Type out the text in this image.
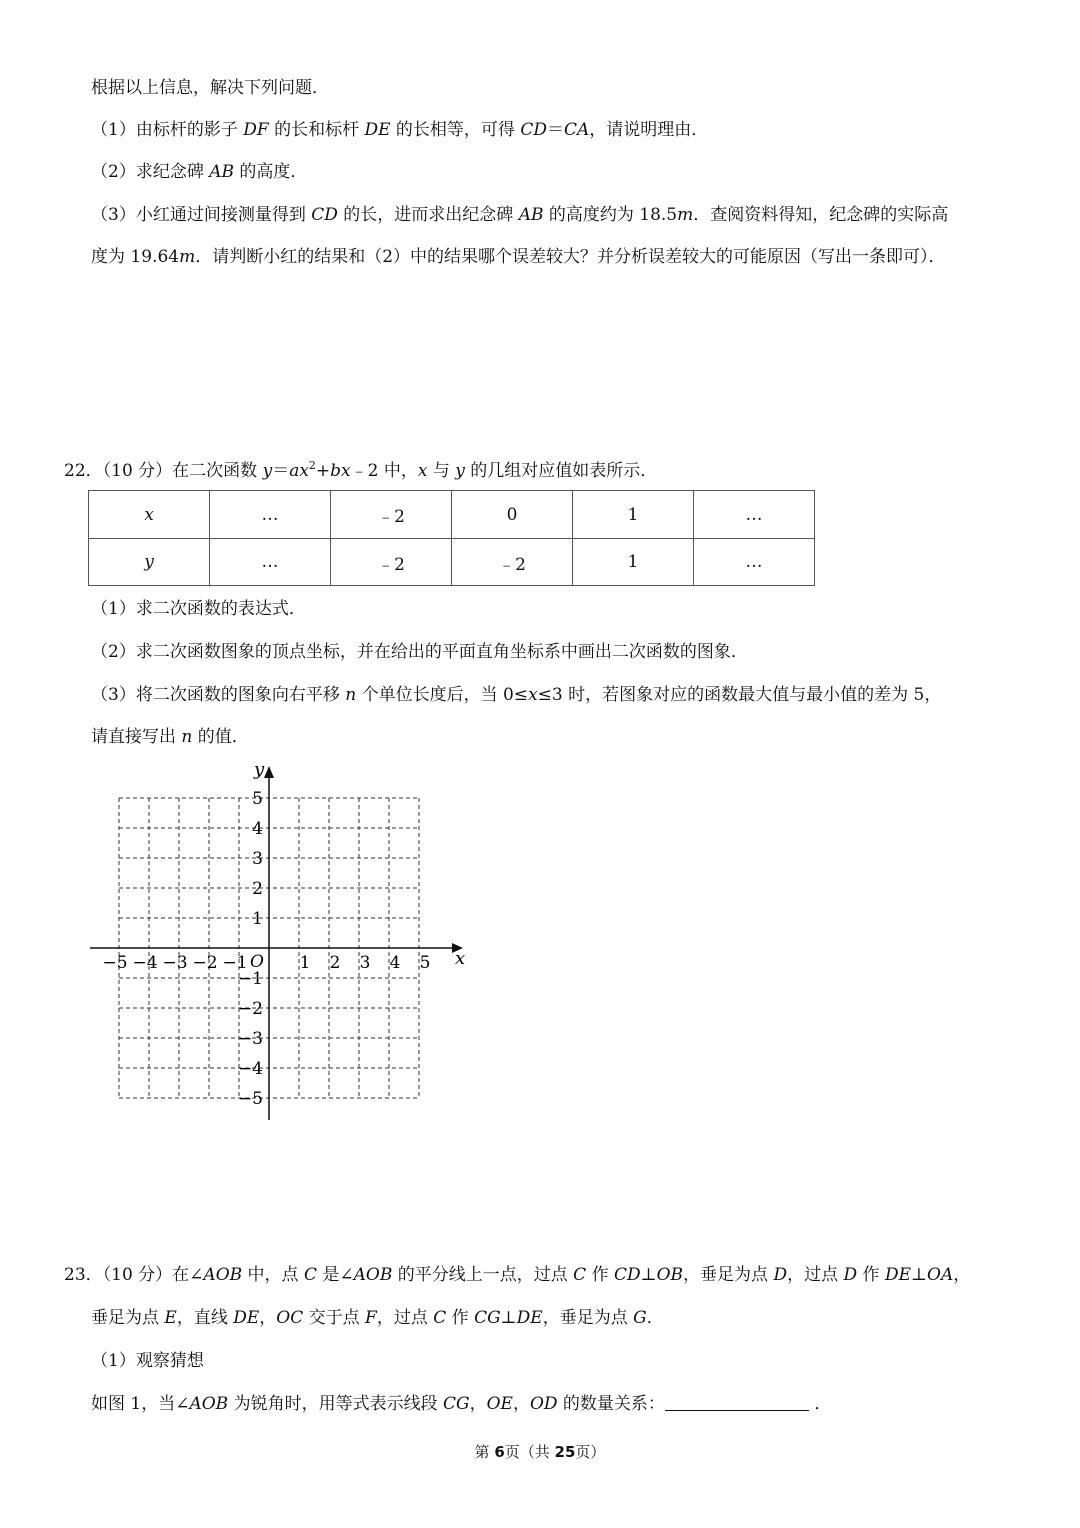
根据以上信息，解决下列问题．
（1）由标杆的影子 DF 的长和标杆 DE 的长相等，可得 CD＝CA，请说明理由．
（2）求纪念碑 AB 的高度．
（3）小红通过间接测量得到 CD 的长，进而求出纪念碑 AB 的高度约为 18.5m．查阅资料得知，纪念碑的实际高
度为 19.64m．请判断小红的结果和（2）中的结果哪个误差较大？并分析误差较大的可能原因（写出一条即可）．
22．（10 分）在二次函数 $y=ax^2+bx﹣2$ 中，x 与 y 的几组对应值如表所示．
x	…	﹣2	0	1	…
y	…	﹣2	﹣2	1	…
（1）求二次函数的表达式．
（2）求二次函数图象的顶点坐标，并在给出的平面直角坐标系中画出二次函数的图象．
（3）将二次函数的图象向右平移 n 个单位长度后，当 0≤x≤3 时，若图象对应的函数最大值与最小值的差为 5，
请直接写出 n 的值．
x
y
O
−5 −4 −3 −2 −1	1 2 3 4 5
5
4
3
2
1
−1
−2
−3
−4
−5
23．（10 分）在∠AOB 中，点 C 是∠AOB 的平分线上一点，过点 C 作 CD⊥OB，垂足为点 D，过点 D 作 DE⊥OA，
垂足为点 E，直线 DE，OC 交于点 F，过点 C 作 CG⊥DE，垂足为点 G．
（1）观察猜想
如图 1，当∠AOB 为锐角时，用等式表示线段 CG，OE，OD 的数量关系：	．
第 6页（共 25页）
